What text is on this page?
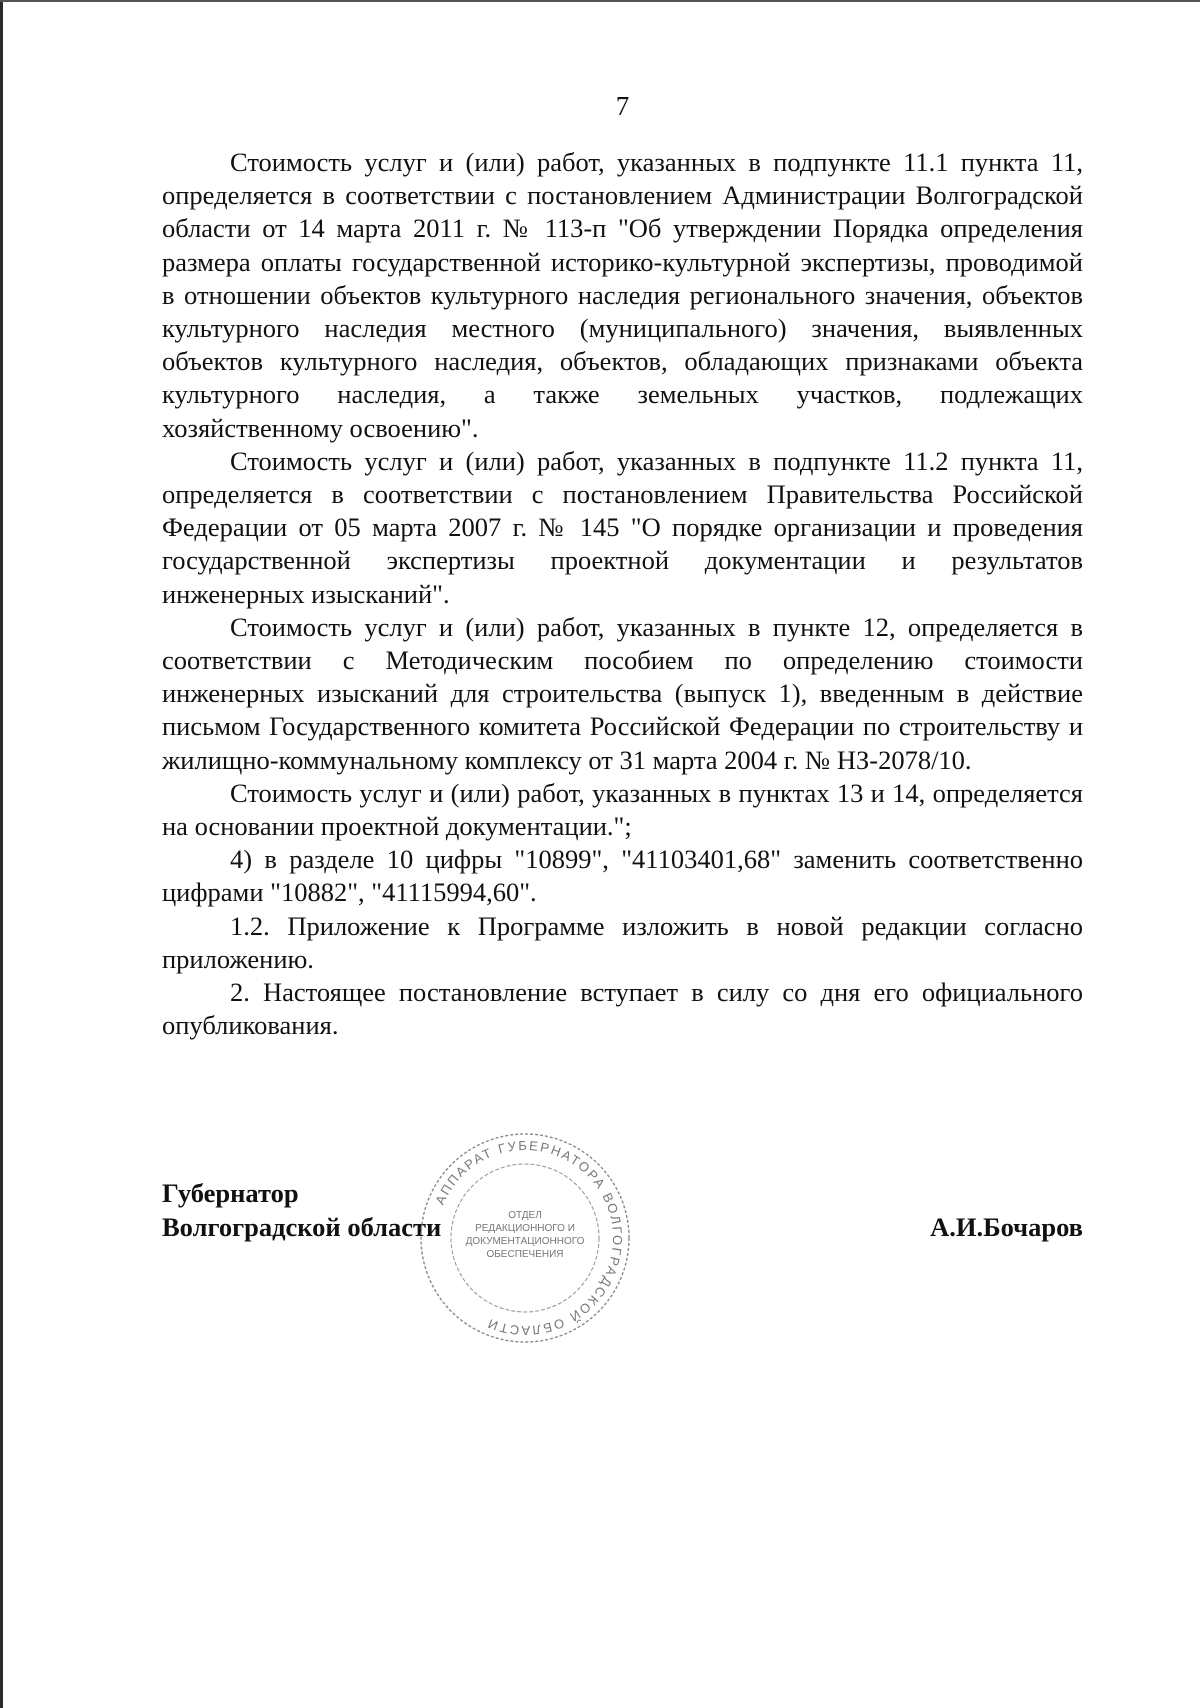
7

Стоимость услуг и (или) работ, указанных в подпункте 11.1 пункта 11, определяется в соответствии с постановлением Администрации Волгоградской области от 14 марта 2011 г. № 113-п "Об утверждении Порядка определения размера оплаты государственной историко-культурной экспертизы, проводимой в отношении объектов культурного наследия регионального значения, объектов культурного наследия местного (муниципального) значения, выявленных объектов культурного наследия, объектов, обладающих признаками объекта культурного наследия, а также земельных участков, подлежащих хозяйственному освоению".

Стоимость услуг и (или) работ, указанных в подпункте 11.2 пункта 11, определяется в соответствии с постановлением Правительства Российской Федерации от 05 марта 2007 г. № 145 "О порядке организации и проведения государственной экспертизы проектной документации и результатов инженерных изысканий".

Стоимость услуг и (или) работ, указанных в пункте 12, определяется в соответствии с Методическим пособием по определению стоимости инженерных изысканий для строительства (выпуск 1), введенным в действие письмом Государственного комитета Российской Федерации по строительству и жилищно-коммунальному комплексу от 31 марта 2004 г. № НЗ-2078/10.

Стоимость услуг и (или) работ, указанных в пунктах 13 и 14, определяется на основании проектной документации.";

4) в разделе 10 цифры "10899", "41103401,68" заменить соответственно цифрами "10882", "41115994,60".

1.2. Приложение к Программе изложить в новой редакции согласно приложению.

2. Настоящее постановление вступает в силу со дня его официального опубликования.

Губернатор
Волгоградской области	А.И.Бочаров
АППАРАТ ГУБЕРНАТОРА ВОЛГОГРАДСКОЙ ОБЛАСТИ
ОТДЕЛ
РЕДАКЦИОННОГО И
ДОКУМЕНТАЦИОННОГО
ОБЕСПЕЧЕНИЯ
